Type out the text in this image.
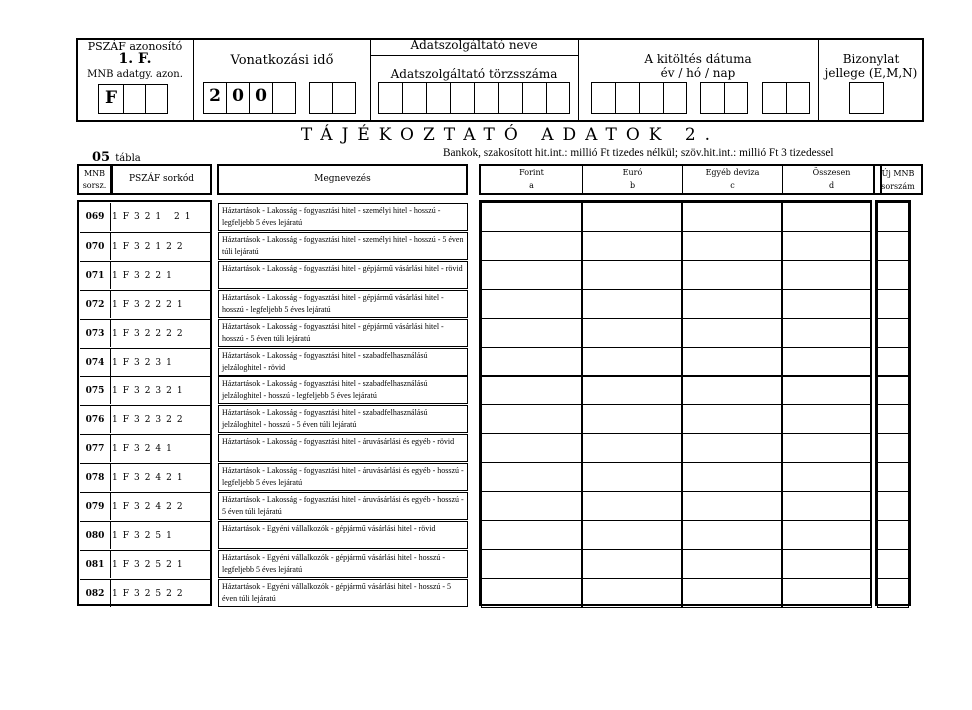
PSZÁF azonosító
1. F.
MNB adatgy. azon.
F
Vonatkozási idő
2 0 0
Adatszolgáltató neve
Adatszolgáltató törzsszáma
A kitöltés dátuma
év / hó / nap
Bizonylat
jellege (E,M,N)
TÁJÉKOZTATÓ ADATOK 2.
05 tábla	Bankok, szakosított hit.int.: millió Ft tizedes nélkül; szöv.hit.int.: millió Ft 3 tizedessel
MNB
sorsz.
PSZÁF sorkód	Megnevezés
Forint
a
Euró
b
Egyéb deviza
c
Összesen
d
Új MNB
sorszám
069 1F321 21
Háztartások - Lakosság - fogyasztási hitel - személyi hitel - hosszú - legfeljebb 5 éves lejáratú
070 1F32122
Háztartások - Lakosság - fogyasztási hitel - személyi hitel - hosszú - 5 éven túli lejáratú
071 1F3221
Háztartások - Lakosság - fogyasztási hitel - gépjármű vásárlási hitel - rövid
072 1F32221
Háztartások - Lakosság - fogyasztási hitel - gépjármű vásárlási hitel - hosszú - legfeljebb 5 éves lejáratú
073 1F32222
Háztartások - Lakosság - fogyasztási hitel - gépjármű vásárlási hitel - hosszú - 5 éven túli lejáratú
074 1F3231
Háztartások - Lakosság - fogyasztási hitel - szabadfelhasználású jelzáloghitel - rövid
075 1F32321
Háztartások - Lakosság - fogyasztási hitel - szabadfelhasználású jelzáloghitel - hosszú - legfeljebb 5 éves lejáratú
076 1F32322
Háztartások - Lakosság - fogyasztási hitel - szabadfelhasználású jelzáloghitel - hosszú - 5 éven túli lejáratú
077 1F3241
Háztartások - Lakosság - fogyasztási hitel - áruvásárlási és egyéb - rövid
078 1F32421
Háztartások - Lakosság - fogyasztási hitel - áruvásárlási és egyéb - hosszú - legfeljebb 5 éves lejáratú
079 1F32422
Háztartások - Lakosság - fogyasztási hitel - áruvásárlási és egyéb - hosszú - 5 éven túli lejáratú
080 1F3251
Háztartások - Egyéni vállalkozók - gépjármű vásárlási hitel - rövid
081 1F32521
Háztartások - Egyéni vállalkozók - gépjármű vásárlási hitel - hosszú - legfeljebb 5 éves lejáratú
082 1F32522
Háztartások - Egyéni vállalkozók - gépjármű vásárlási hitel - hosszú - 5 éven túli lejáratú
